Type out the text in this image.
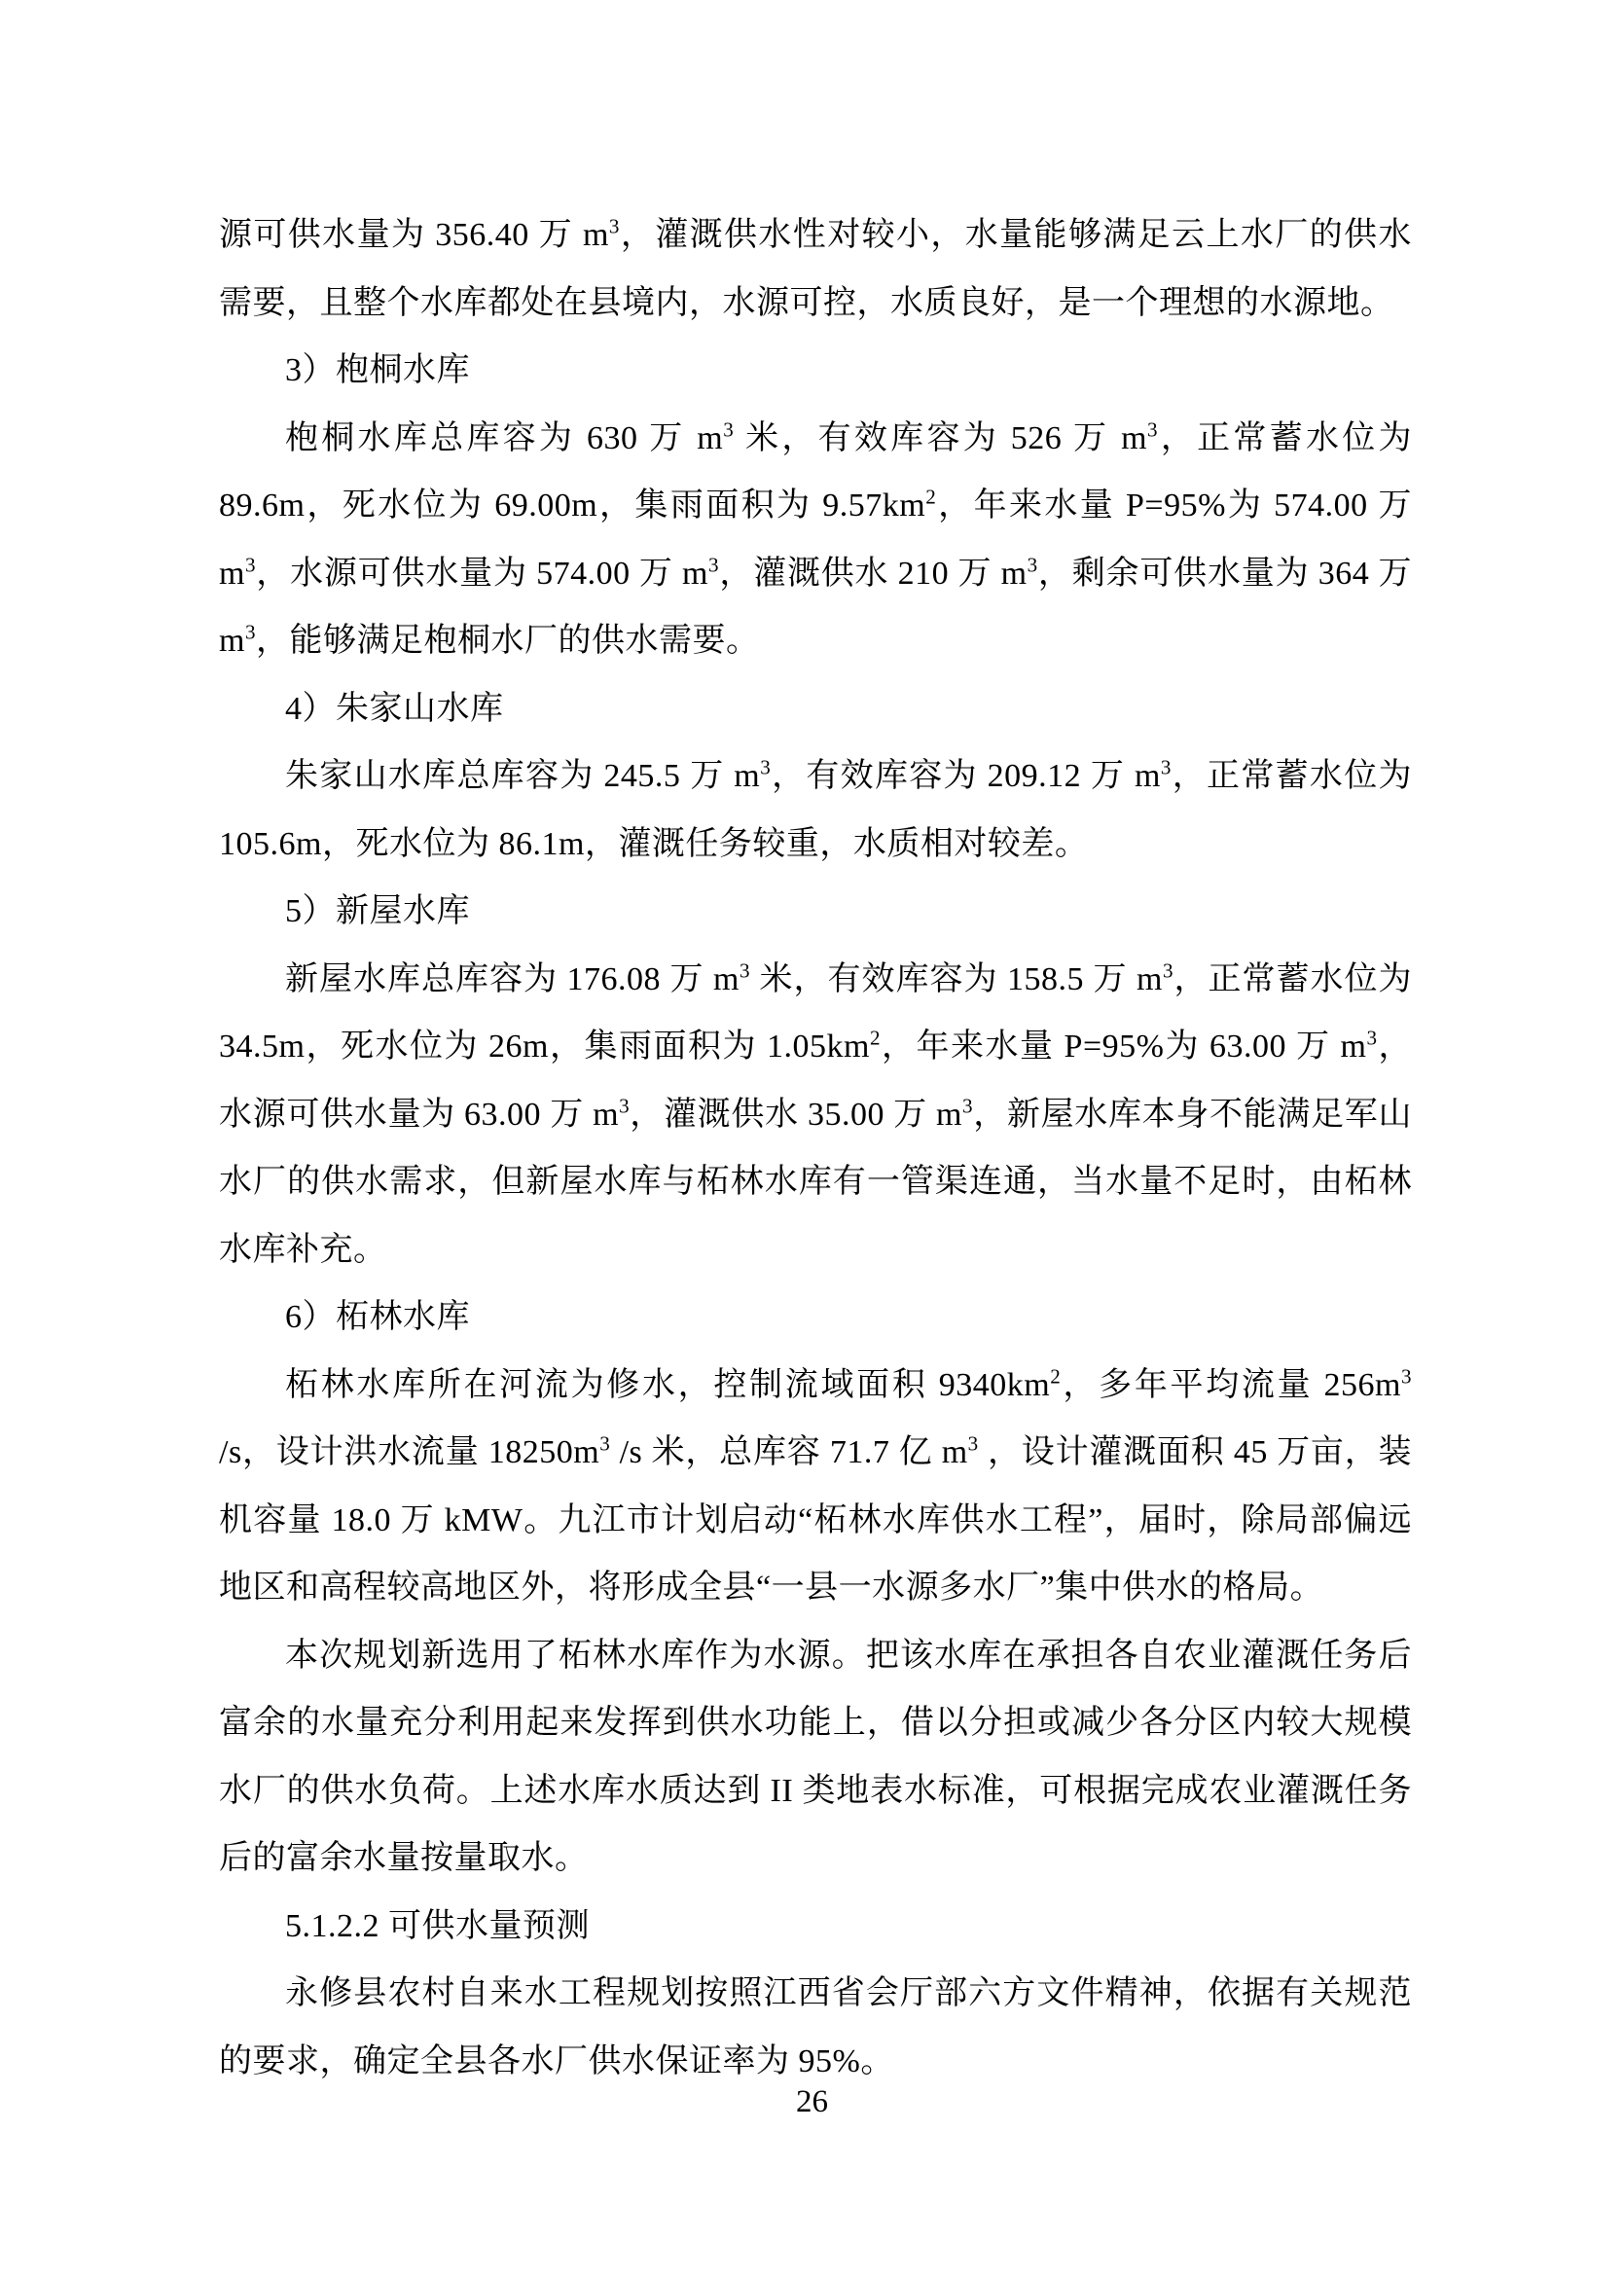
源可供水量为 356.40 万 $m^3$，灌溉供水性对较小，水量能够满足云上水厂的供水需要，且整个水库都处在县境内，水源可控，水质良好，是一个理想的水源地。

3）枹桐水库

枹桐水库总库容为 630 万 $m^3$ 米，有效库容为 526 万 $m^3$，正常蓄水位为 89.6m，死水位为 69.00m，集雨面积为 $9.57km^2$，年来水量 P=95%为 574.00 万 $m^3$，水源可供水量为 574.00 万 $m^3$，灌溉供水 210 万 $m^3$，剩余可供水量为 364 万 $m^3$，能够满足枹桐水厂的供水需要。

4）朱家山水库

朱家山水库总库容为 245.5 万 $m^3$，有效库容为 209.12 万 $m^3$，正常蓄水位为 105.6m，死水位为 86.1m，灌溉任务较重，水质相对较差。

5）新屋水库

新屋水库总库容为 176.08 万 $m^3$ 米，有效库容为 158.5 万 $m^3$，正常蓄水位为 34.5m，死水位为 26m，集雨面积为 $1.05km^2$，年来水量 P=95%为 63.00 万 $m^3$，水源可供水量为 63.00 万 $m^3$，灌溉供水 35.00 万 $m^3$，新屋水库本身不能满足军山水厂的供水需求，但新屋水库与柘林水库有一管渠连通，当水量不足时，由柘林水库补充。

6）柘林水库

柘林水库所在河流为修水，控制流域面积 $9340km^2$，多年平均流量 $256m^3$ /s，设计洪水流量 $18250m^3$ /s 米，总库容 71.7 亿 $m^3$ ，设计灌溉面积 45 万亩，装机容量 18.0 万 kMW。九江市计划启动“柘林水库供水工程”，届时，除局部偏远地区和高程较高地区外，将形成全县“一县一水源多水厂”集中供水的格局。

本次规划新选用了柘林水库作为水源。把该水库在承担各自农业灌溉任务后富余的水量充分利用起来发挥到供水功能上，借以分担或减少各分区内较大规模水厂的供水负荷。上述水库水质达到 II 类地表水标准，可根据完成农业灌溉任务后的富余水量按量取水。

5.1.2.2 可供水量预测

永修县农村自来水工程规划按照江西省会厅部六方文件精神，依据有关规范的要求，确定全县各水厂供水保证率为 95%。

26
